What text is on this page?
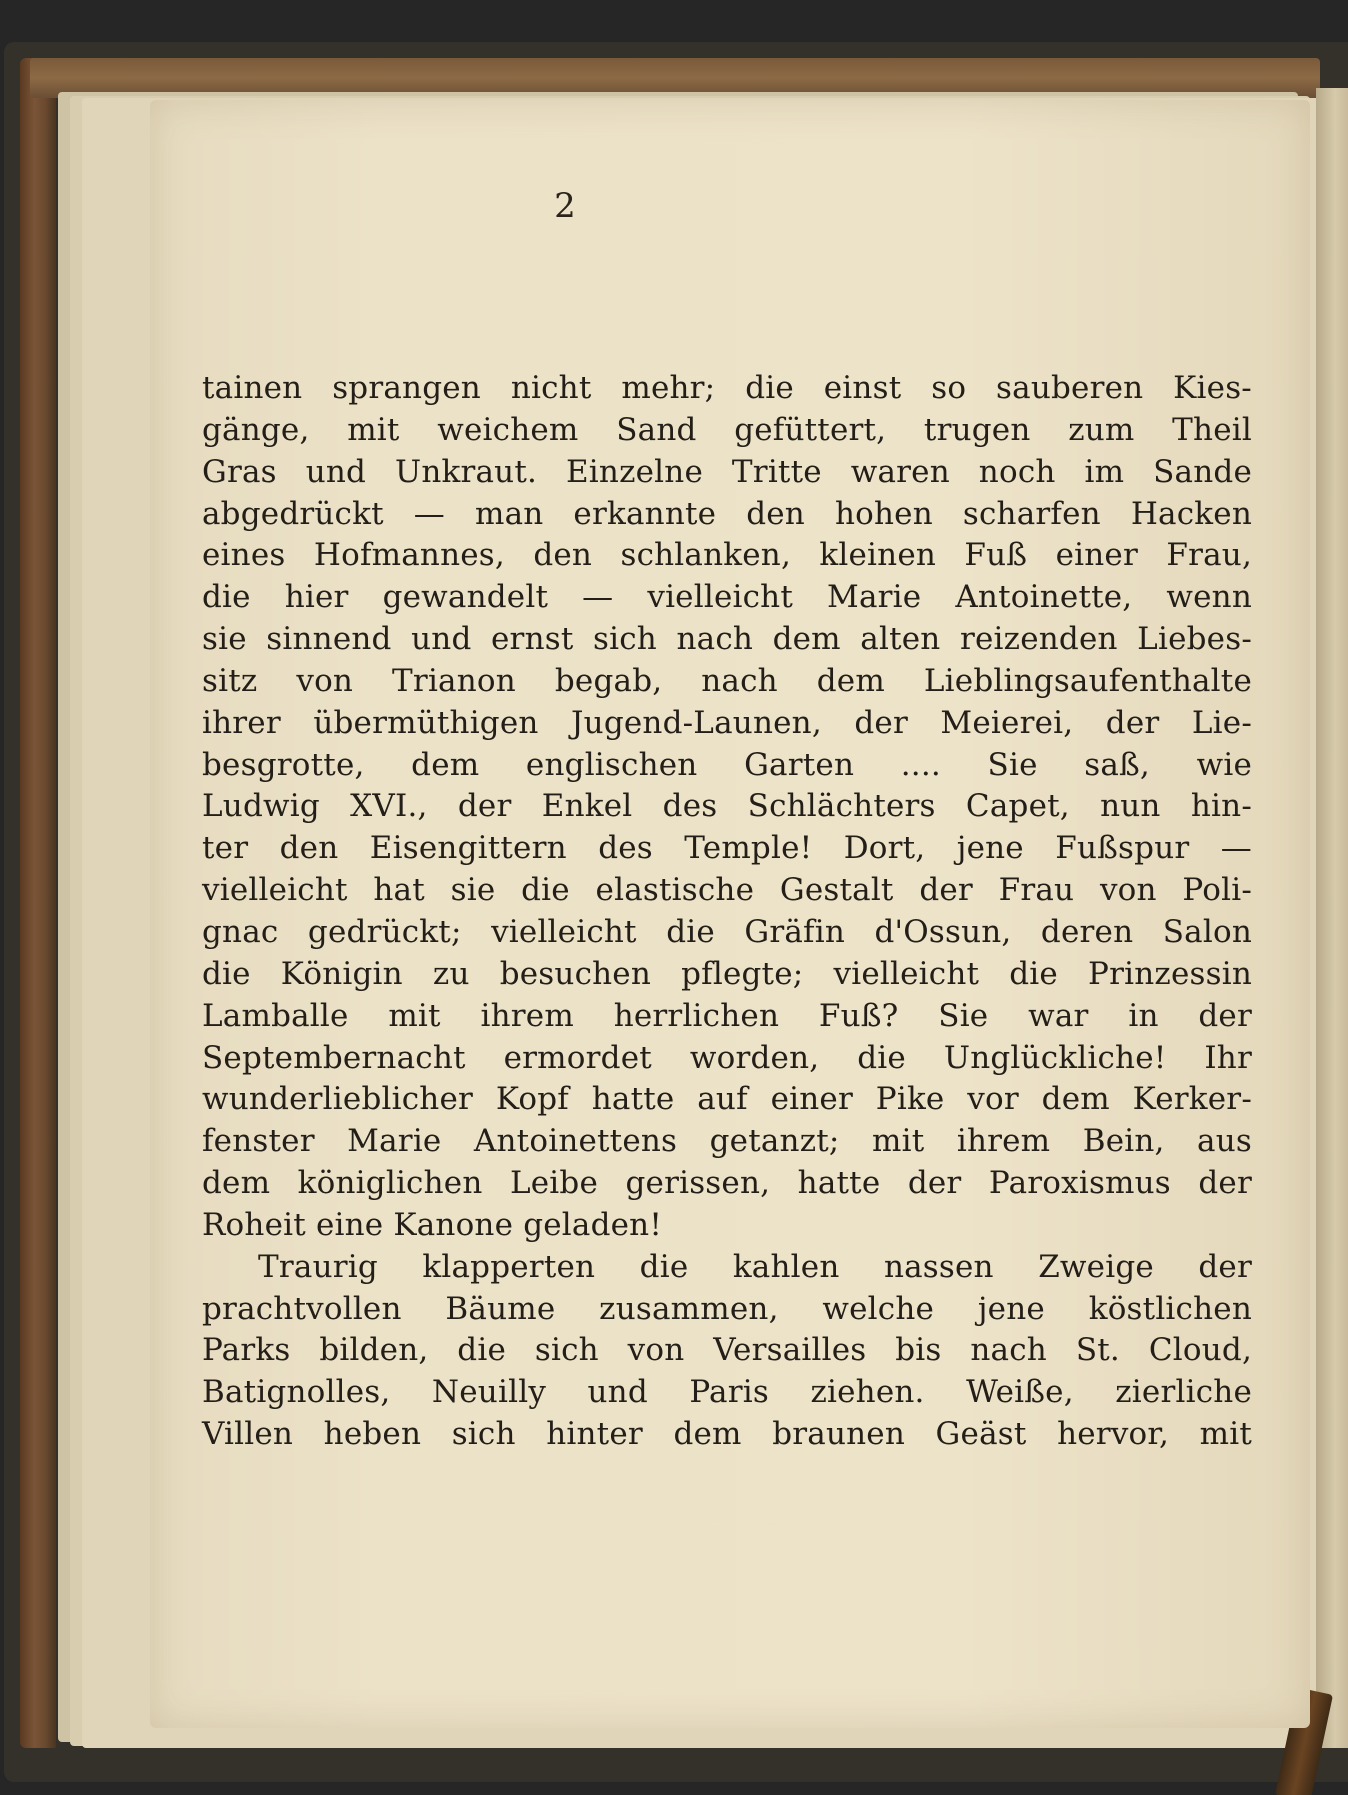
2
tainen sprangen nicht mehr; die einst so sauberen Kies-
gänge, mit weichem Sand gefüttert, trugen zum Theil
Gras und Unkraut. Einzelne Tritte waren noch im Sande
abgedrückt — man erkannte den hohen scharfen Hacken
eines Hofmannes, den schlanken, kleinen Fuß einer Frau,
die hier gewandelt — vielleicht Marie Antoinette, wenn
sie sinnend und ernst sich nach dem alten reizenden Liebes-
sitz von Trianon begab, nach dem Lieblingsaufenthalte
ihrer übermüthigen Jugend-Launen, der Meierei, der Lie-
besgrotte, dem englischen Garten .... Sie saß, wie
Ludwig XVI., der Enkel des Schlächters Capet, nun hin-
ter den Eisengittern des Temple! Dort, jene Fußspur —
vielleicht hat sie die elastische Gestalt der Frau von Poli-
gnac gedrückt; vielleicht die Gräfin d'Ossun, deren Salon
die Königin zu besuchen pflegte; vielleicht die Prinzessin
Lamballe mit ihrem herrlichen Fuß? Sie war in der
Septembernacht ermordet worden, die Unglückliche! Ihr
wunderlieblicher Kopf hatte auf einer Pike vor dem Kerker-
fenster Marie Antoinettens getanzt; mit ihrem Bein, aus
dem königlichen Leibe gerissen, hatte der Paroxismus der
Roheit eine Kanone geladen!
Traurig klapperten die kahlen nassen Zweige der
prachtvollen Bäume zusammen, welche jene köstlichen
Parks bilden, die sich von Versailles bis nach St. Cloud,
Batignolles, Neuilly und Paris ziehen. Weiße, zierliche
Villen heben sich hinter dem braunen Geäst hervor, mit
